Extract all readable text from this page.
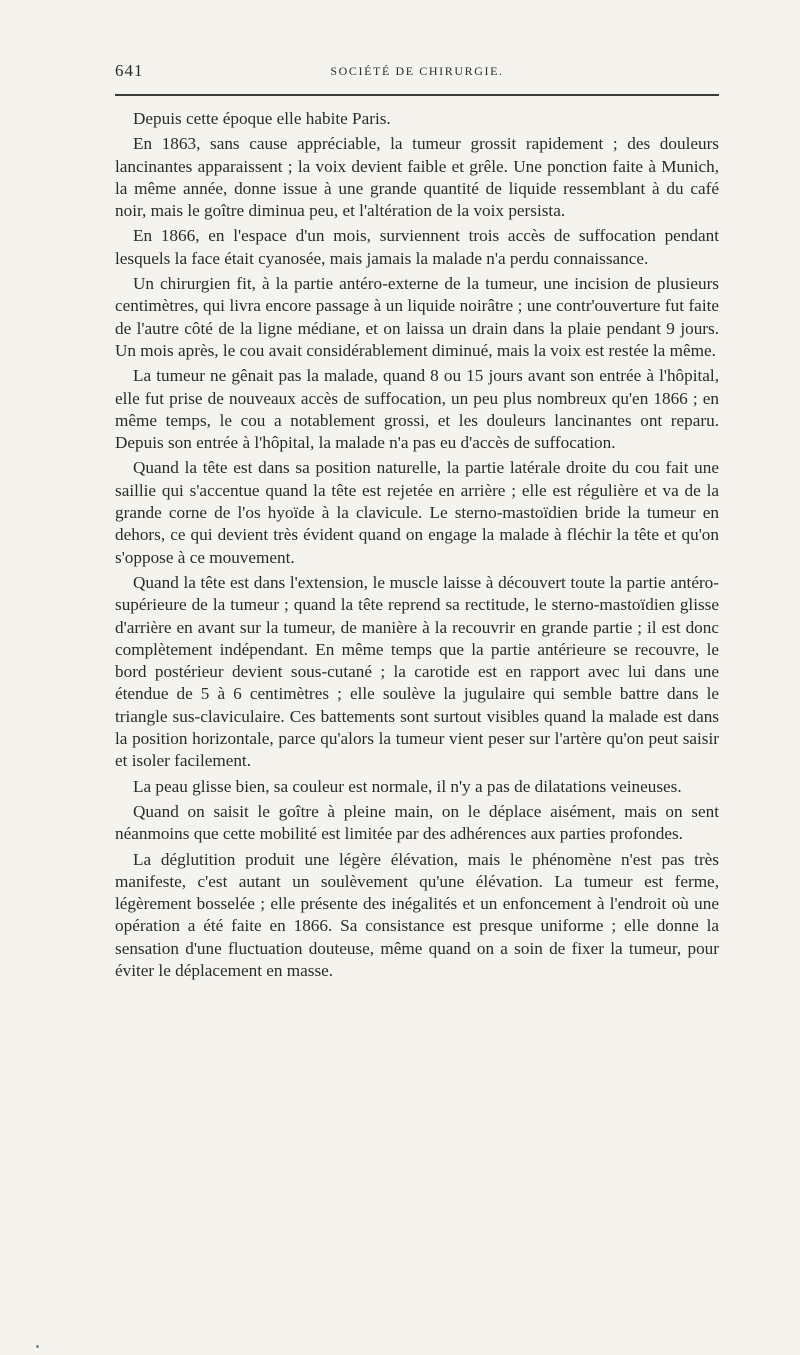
641	SOCIÉTÉ DE CHIRURGIE.

Depuis cette époque elle habite Paris.

En 1863, sans cause appréciable, la tumeur grossit rapidement ; des douleurs lancinantes apparaissent ; la voix devient faible et grêle. Une ponction faite à Munich, la même année, donne issue à une grande quantité de liquide ressemblant à du café noir, mais le goître diminua peu, et l'altération de la voix persista.

En 1866, en l'espace d'un mois, surviennent trois accès de suffocation pendant lesquels la face était cyanosée, mais jamais la malade n'a perdu connaissance.

Un chirurgien fit, à la partie antéro-externe de la tumeur, une incision de plusieurs centimètres, qui livra encore passage à un liquide noirâtre ; une contr'ouverture fut faite de l'autre côté de la ligne médiane, et on laissa un drain dans la plaie pendant 9 jours. Un mois après, le cou avait considérablement diminué, mais la voix est restée la même.

La tumeur ne gênait pas la malade, quand 8 ou 15 jours avant son entrée à l'hôpital, elle fut prise de nouveaux accès de suffocation, un peu plus nombreux qu'en 1866 ; en même temps, le cou a notablement grossi, et les douleurs lancinantes ont reparu. Depuis son entrée à l'hôpital, la malade n'a pas eu d'accès de suffocation.

Quand la tête est dans sa position naturelle, la partie latérale droite du cou fait une saillie qui s'accentue quand la tête est rejetée en arrière ; elle est régulière et va de la grande corne de l'os hyoïde à la clavicule. Le sterno-mastoïdien bride la tumeur en dehors, ce qui devient très évident quand on engage la malade à fléchir la tête et qu'on s'oppose à ce mouvement.

Quand la tête est dans l'extension, le muscle laisse à découvert toute la partie antéro-supérieure de la tumeur ; quand la tête reprend sa rectitude, le sterno-mastoïdien glisse d'arrière en avant sur la tumeur, de manière à la recouvrir en grande partie ; il est donc complètement indépendant. En même temps que la partie antérieure se recouvre, le bord postérieur devient sous-cutané ; la carotide est en rapport avec lui dans une étendue de 5 à 6 centimètres ; elle soulève la jugulaire qui semble battre dans le triangle sus-claviculaire. Ces battements sont surtout visibles quand la malade est dans la position horizontale, parce qu'alors la tumeur vient peser sur l'artère qu'on peut saisir et isoler facilement.

La peau glisse bien, sa couleur est normale, il n'y a pas de dilatations veineuses.

Quand on saisit le goître à pleine main, on le déplace aisément, mais on sent néanmoins que cette mobilité est limitée par des adhérences aux parties profondes.

La déglutition produit une légère élévation, mais le phénomène n'est pas très manifeste, c'est autant un soulèvement qu'une élévation. La tumeur est ferme, légèrement bosselée ; elle présente des inégalités et un enfoncement à l'endroit où une opération a été faite en 1866. Sa consistance est presque uniforme ; elle donne la sensation d'une fluctuation douteuse, même quand on a soin de fixer la tumeur, pour éviter le déplacement en masse.
